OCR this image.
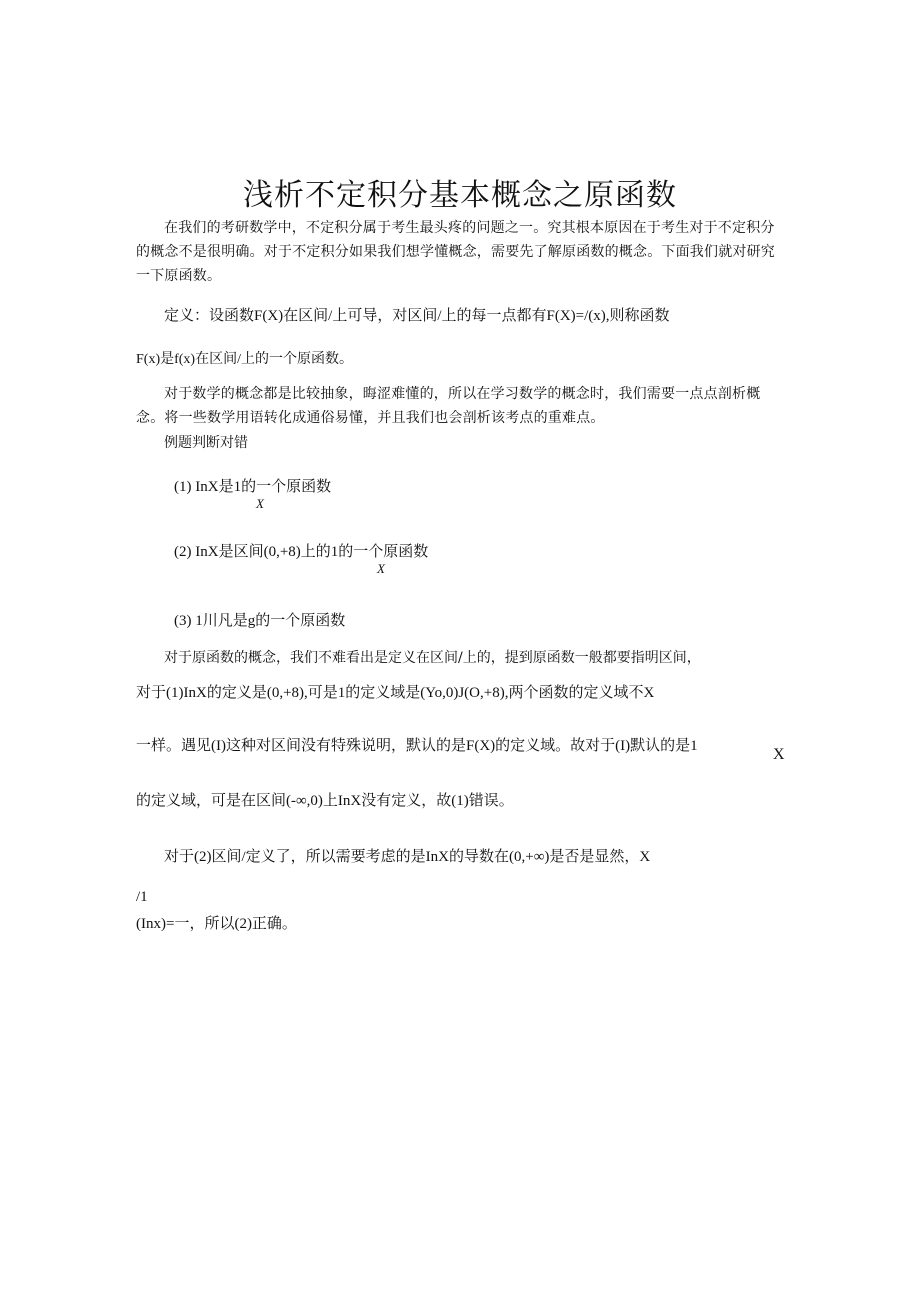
浅析不定积分基本概念之原函数
在我们的考研数学中，不定积分属于考生最头疼的问题之一。究其根本原因在于考生对于不定积分的概念不是很明确。对于不定积分如果我们想学懂概念，需要先了解原函数的概念。下面我们就对研究一下原函数。
定义：设函数F(X)在区间/上可导，对区间/上的每一点都有F(X)=/(x),则称函数
F(x)是f(x)在区间/上的一个原函数。
对于数学的概念都是比较抽象，晦涩难懂的，所以在学习数学的概念时，我们需要一点点剖析概念。将一些数学用语转化成通俗易懂，并且我们也会剖析该考点的重难点。
例题判断对错
(1) InX是1的一个原函数
X
(2) InX是区间(0,+8)上的1的一个原函数
X
(3) 1川凡是g的一个原函数
对于原函数的概念，我们不难看出是定义在区间/上的，提到原函数一般都要指明区间，
对于(1)InX的定义是(0,+8),可是1的定义域是(Yo,0)J(O,+8),两个函数的定义域不X
一样。遇见(I)这种对区间没有特殊说明，默认的是F(X)的定义域。故对于(I)默认的是1	X
的定义域，可是在区间(-∞,0)上InX没有定义，故(1)错误。
对于(2)区间/定义了，所以需要考虑的是InX的导数在(0,+∞)是否是显然，X
/1
(Inx)=一，所以(2)正确。
